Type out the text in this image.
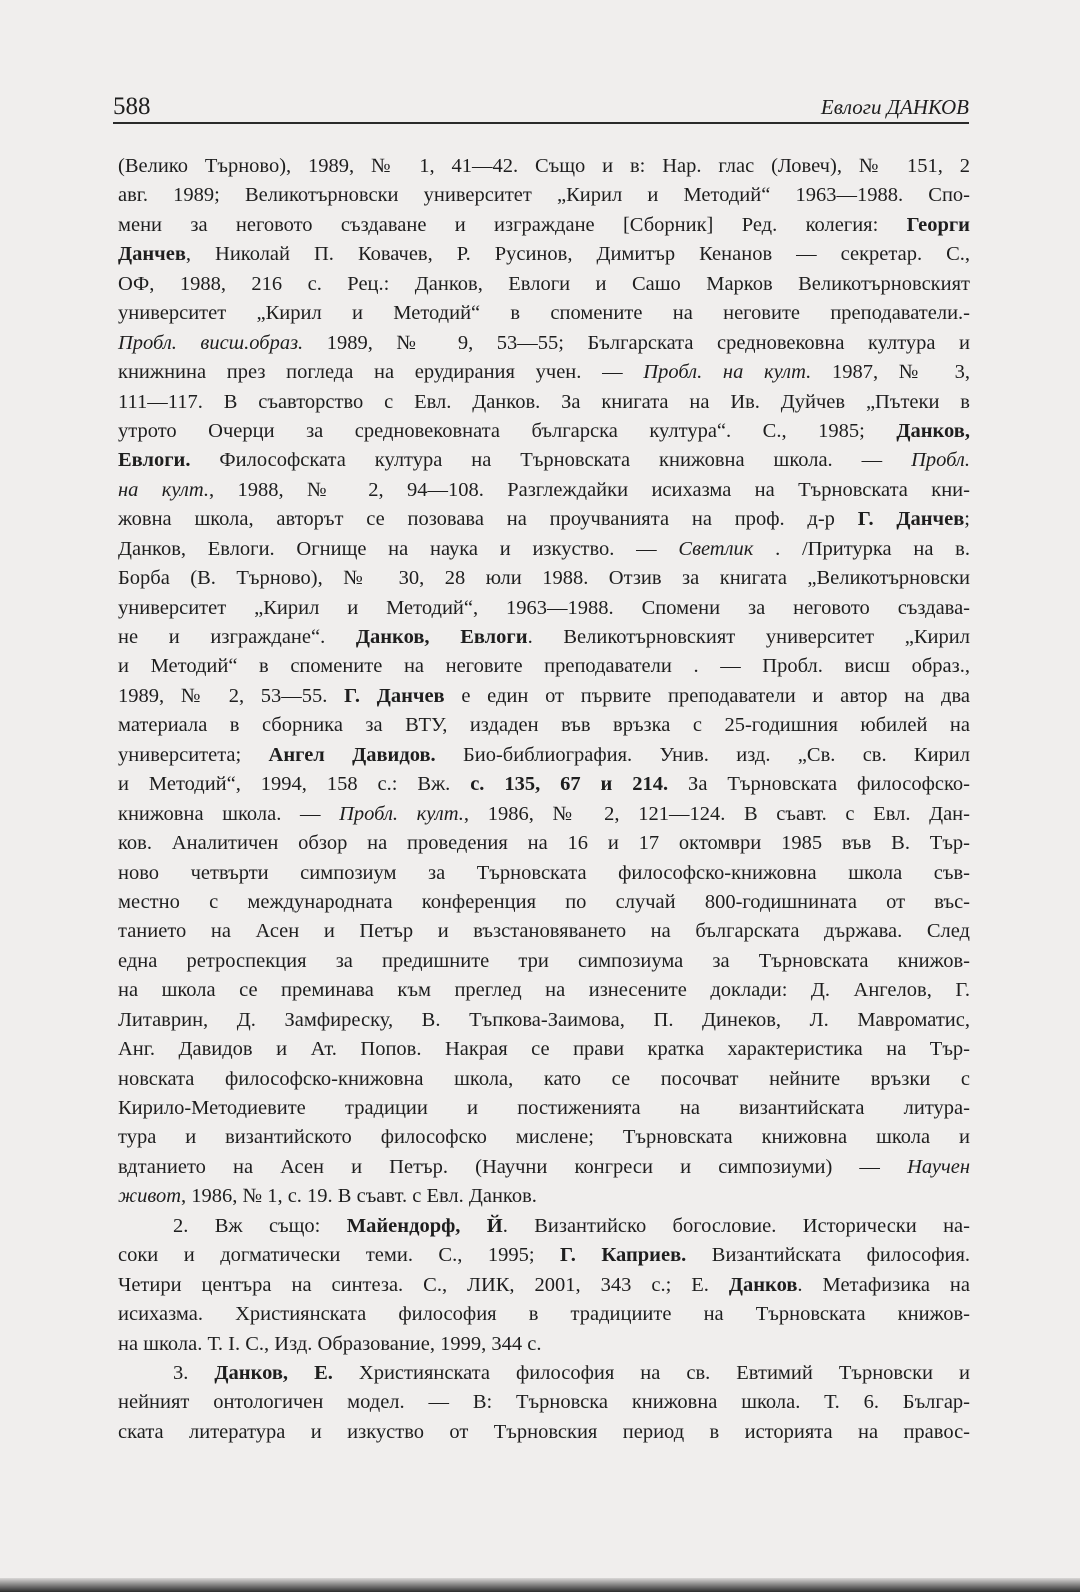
588	Евлоги ДАНКОВ
(Велико Търново), 1989, № 1, 41—42. Също и в: Нар. глас (Ловеч), № 151, 2
авг. 1989; Великотърновски университет „Кирил и Методий“ 1963—1988. Спо-
мени за неговото създаване и изграждане [Сборник] Ред. колегия: Георги
Данчев, Николай П. Ковачев, Р. Русинов, Димитър Кенанов — секретар. С.,
ОФ, 1988, 216 с. Рец.: Данков, Евлоги и Сашо Марков Великотърновският
университет „Кирил и Методий“ в спомените на неговите преподаватели.-
Пробл. висш.образ. 1989, № 9, 53—55; Българската средновековна култура и
книжнина през погледа на ерудирания учен. — Пробл. на култ. 1987, № 3,
111—117. В съавторство с Евл. Данков. За книгата на Ив. Дуйчев „Пътеки в
утрото Очерци за средновековната българска култура“. С., 1985; Данков,
Евлоги. Философската култура на Търновската книжовна школа. — Пробл.
на култ., 1988, № 2, 94—108. Разглеждайки исихазма на Търновската кни-
жовна школа, авторът се позовава на проучванията на проф. д-р Г. Данчев;
Данков, Евлоги. Огнище на наука и изкуство. — Светлик . /Притурка на в.
Борба (В. Търново), № 30, 28 юли 1988. Отзив за книгата „Великотърновски
университет „Кирил и Методий“, 1963—1988. Спомени за неговото създава-
не и изграждане“. Данков, Евлоги. Великотърновският университет „Кирил
и Методий“ в спомените на неговите преподаватели . — Пробл. висш образ.,
1989, № 2, 53—55. Г. Данчев е един от първите преподаватели и автор на два
материала в сборника за ВТУ, издаден във връзка с 25-годишния юбилей на
университета; Ангел Давидов. Био-библиография. Унив. изд. „Св. св. Кирил
и Методий“, 1994, 158 с.: Вж. с. 135, 67 и 214. За Търновската философско-
книжовна школа. — Пробл. култ., 1986, № 2, 121—124. В съавт. с Евл. Дан-
ков. Аналитичен обзор на проведения на 16 и 17 октомври 1985 във В. Тър-
ново четвърти симпозиум за Търновската философско-книжовна школа съв-
местно с международната конференция по случай 800-годишнината от въс-
танието на Асен и Петър и възстановяването на българската държава. След
една ретроспекция за предишните три симпозиума за Търновската книжов-
на школа се преминава към преглед на изнесените доклади: Д. Ангелов, Г.
Литаврин, Д. Замфиреску, В. Тъпкова-Заимова, П. Динеков, Л. Мавроматис,
Анг. Давидов и Ат. Попов. Накрая се прави кратка характеристика на Тър-
новската философско-книжовна школа, като се посочват нейните връзки с
Кирило-Методиевите традиции и постиженията на византийската литура-
тура и византийското философско мислене; Търновската книжовна школа и
вдтанието на Асен и Петър. (Научни конгреси и симпозиуми) — Научен
живот, 1986, № 1, с. 19. В съавт. с Евл. Данков.
2. Вж също: Майендорф, Й. Византийско богословие. Исторически на-
соки и догматически теми. С., 1995; Г. Каприев. Византийската философия.
Четири центъра на синтеза. С., ЛИК, 2001, 343 с.; Е. Данков. Метафизика на
исихазма. Християнската философия в традициите на Търновската книжов-
на школа. Т. I. С., Изд. Образование, 1999, 344 с.
3. Данков, Е. Християнската философия на св. Евтимий Търновски и
нейният онтологичен модел. — В: Търновска книжовна школа. Т. 6. Българ-
ската литература и изкуство от Търновския период в историята на правос-
